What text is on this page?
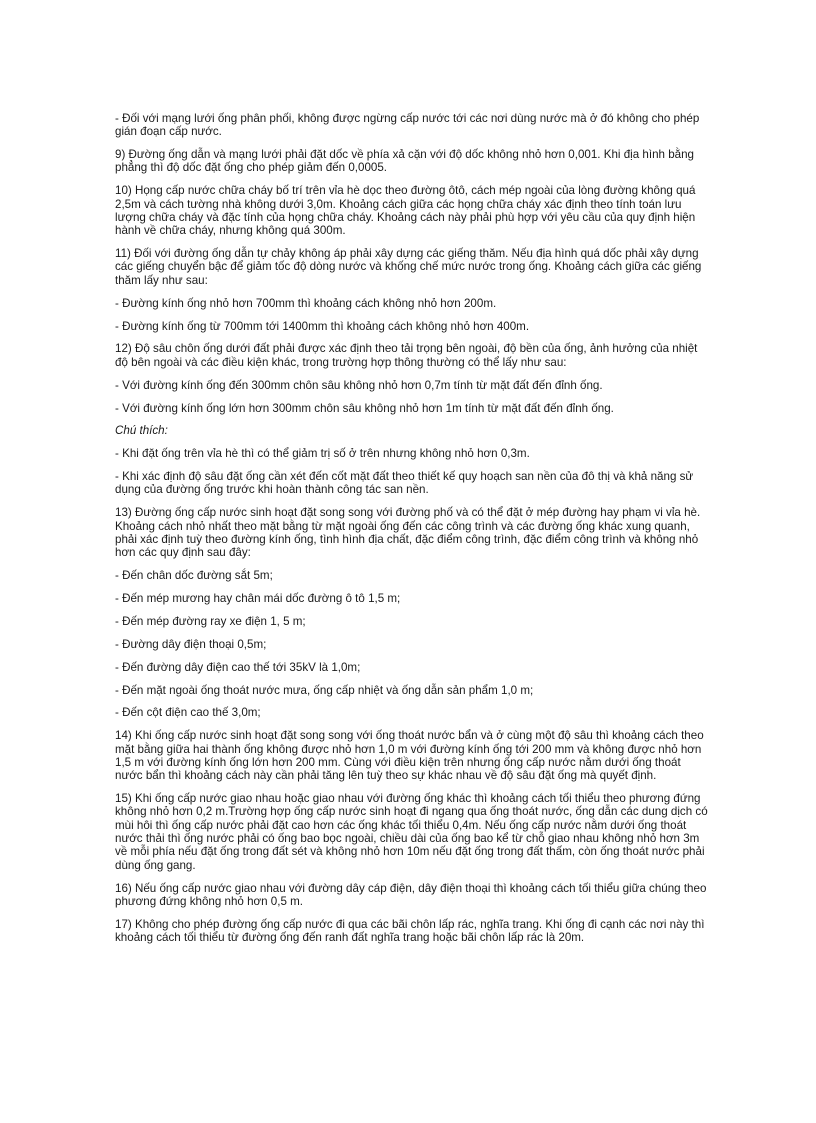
- Đối với mạng lưới ống phân phối, không được ngừng cấp nước tới các nơi dùng nước mà ở đó không cho phép gián đoạn cấp nước.

9) Đường ống dẫn và mạng lưới phải đặt dốc về phía xả cặn với độ dốc không nhỏ hơn 0,001. Khi địa hình bằng phẳng thì độ dốc đặt ống cho phép giảm đến 0,0005.

10) Họng cấp nước chữa cháy bố trí trên vỉa hè dọc theo đường ôtô, cách mép ngoài của lòng đường không quá 2,5m và cách tường nhà không dưới 3,0m. Khoảng cách giữa các họng chữa cháy xác định theo tính toán lưu lượng chữa cháy và đặc tính của họng chữa cháy. Khoảng cách này phải phù hợp với yêu cầu của quy định hiện hành về chữa cháy, nhưng không quá 300m.

11) Đối với đường ống dẫn tự chảy không áp phải xây dựng các giếng thăm. Nếu địa hình quá dốc phải xây dựng các giếng chuyển bậc để giảm tốc độ dòng nước và khống chế mức nước trong ống. Khoảng cách giữa các giếng thăm lấy như sau:

- Đường kính ống nhỏ hơn 700mm thì khoảng cách không nhỏ hơn 200m.

- Đường kính ống từ 700mm tới 1400mm thì khoảng cách không nhỏ hơn 400m.

12) Độ sâu chôn ống dưới đất phải được xác định theo tải trọng bên ngoài, độ bền của ống, ảnh hưởng của nhiệt độ bên ngoài và các điều kiện khác, trong trường hợp thông thường có thể lấy như sau:

- Với đường kính ống đến 300mm chôn sâu không nhỏ hơn 0,7m tính từ mặt đất đến đỉnh ống.

- Với đường kính ống lớn hơn 300mm chôn sâu không nhỏ hơn 1m tính từ mặt đất đến đỉnh ống.

Chú thích:

- Khi đặt ống trên vỉa hè thì có thể giảm trị số ở trên nhưng không nhỏ hơn 0,3m.

- Khi xác định độ sâu đặt ống cần xét đến cốt mặt đất theo thiết kế quy hoạch san nền của đô thị và khả năng sử dụng của đường ống trước khi hoàn thành công tác san nền.

13) Đường ống cấp nước sinh hoạt đặt song song với đường phố và có thể đặt ở mép đường hay phạm vi vỉa hè. Khoảng cách nhỏ nhất theo mặt bằng từ mặt ngoài ống đến các công trình và các đường ống khác xung quanh, phải xác định tuỳ theo đường kính ống, tình hình địa chất, đặc điểm công trình, đặc điểm công trình và không nhỏ hơn các quy định sau đây:

- Đến chân dốc đường sắt 5m;

- Đến mép mương hay chân mái dốc đường ô tô 1,5 m;

- Đến mép đường ray xe điện 1, 5 m;

- Đường dây điện thoại 0,5m;

- Đến đường dây điện cao thế tới 35kV là 1,0m;

- Đến mặt ngoài ống thoát nước mưa, ống cấp nhiệt và ống dẫn sản phẩm 1,0 m;

- Đến cột điện cao thế 3,0m;

14) Khi ống cấp nước sinh hoạt đặt song song với ống thoát nước bẩn và ở cùng một độ sâu thì khoảng cách theo mặt bằng giữa hai thành ống không được nhỏ hơn 1,0 m với đường kính ống tới 200 mm và không được nhỏ hơn 1,5 m với đường kính ống lớn hơn 200 mm. Cùng với điều kiện trên nhưng ống cấp nước nằm dưới ống thoát nước bẩn thì khoảng cách này cần phải tăng lên tuỳ theo sự khác nhau về độ sâu đặt ống mà quyết định.

15) Khi ống cấp nước giao nhau hoặc giao nhau với đường ống khác thì khoảng cách tối thiểu theo phương đứng không nhỏ hơn 0,2 m.Trường hợp ống cấp nước sinh hoạt đi ngang qua ống thoát nước, ống dẫn các dung dịch có mùi hôi thì ống cấp nước phải đặt cao hơn các ống khác tối thiểu 0,4m. Nếu ống cấp nước nằm dưới ống thoát nước thải thì ống nước phải có ống bao bọc ngoài, chiều dài của ống bao kể từ chỗ giao nhau không nhỏ hơn 3m về mỗi phía nếu đặt ống trong đất sét và không nhỏ hơn 10m nếu đặt ống trong đất thấm, còn ống thoát nước phải dùng ống gang.

16) Nếu ống cấp nước giao nhau với đường dây cáp điện, dây điện thoại thì khoảng cách tối thiểu giữa chúng theo phương đứng không nhỏ hơn 0,5 m.

17) Không cho phép đường ống cấp nước đi qua các bãi chôn lấp rác, nghĩa trang. Khi ống đi cạnh các nơi này thì khoảng cách tối thiểu từ đường ống đến ranh đất nghĩa trang hoặc bãi chôn lấp rác là 20m.
